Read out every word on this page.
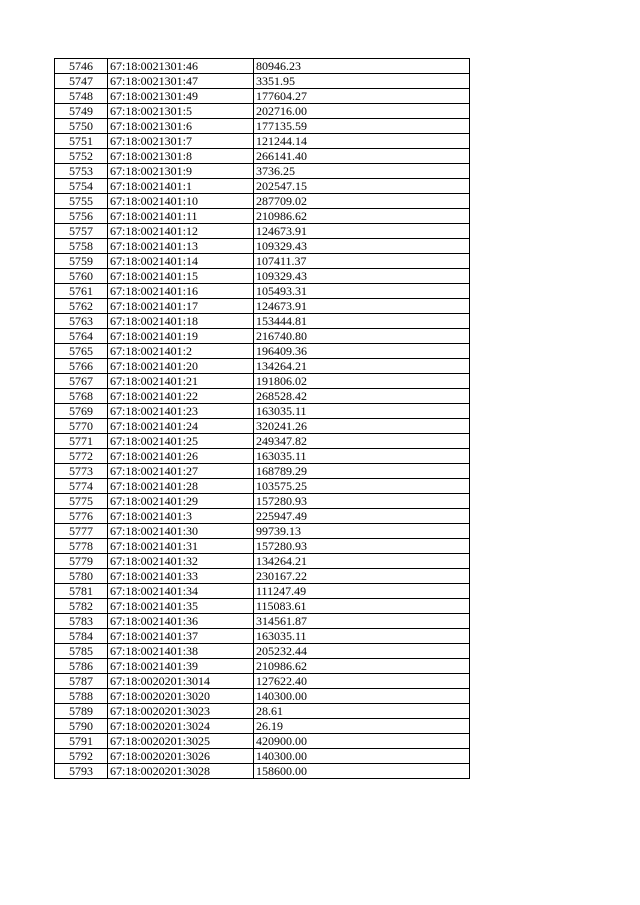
5746	67:18:0021301:46	80946.23
5747	67:18:0021301:47	3351.95
5748	67:18:0021301:49	177604.27
5749	67:18:0021301:5	202716.00
5750	67:18:0021301:6	177135.59
5751	67:18:0021301:7	121244.14
5752	67:18:0021301:8	266141.40
5753	67:18:0021301:9	3736.25
5754	67:18:0021401:1	202547.15
5755	67:18:0021401:10	287709.02
5756	67:18:0021401:11	210986.62
5757	67:18:0021401:12	124673.91
5758	67:18:0021401:13	109329.43
5759	67:18:0021401:14	107411.37
5760	67:18:0021401:15	109329.43
5761	67:18:0021401:16	105493.31
5762	67:18:0021401:17	124673.91
5763	67:18:0021401:18	153444.81
5764	67:18:0021401:19	216740.80
5765	67:18:0021401:2	196409.36
5766	67:18:0021401:20	134264.21
5767	67:18:0021401:21	191806.02
5768	67:18:0021401:22	268528.42
5769	67:18:0021401:23	163035.11
5770	67:18:0021401:24	320241.26
5771	67:18:0021401:25	249347.82
5772	67:18:0021401:26	163035.11
5773	67:18:0021401:27	168789.29
5774	67:18:0021401:28	103575.25
5775	67:18:0021401:29	157280.93
5776	67:18:0021401:3	225947.49
5777	67:18:0021401:30	99739.13
5778	67:18:0021401:31	157280.93
5779	67:18:0021401:32	134264.21
5780	67:18:0021401:33	230167.22
5781	67:18:0021401:34	111247.49
5782	67:18:0021401:35	115083.61
5783	67:18:0021401:36	314561.87
5784	67:18:0021401:37	163035.11
5785	67:18:0021401:38	205232.44
5786	67:18:0021401:39	210986.62
5787	67:18:0020201:3014	127622.40
5788	67:18:0020201:3020	140300.00
5789	67:18:0020201:3023	28.61
5790	67:18:0020201:3024	26.19
5791	67:18:0020201:3025	420900.00
5792	67:18:0020201:3026	140300.00
5793	67:18:0020201:3028	158600.00
